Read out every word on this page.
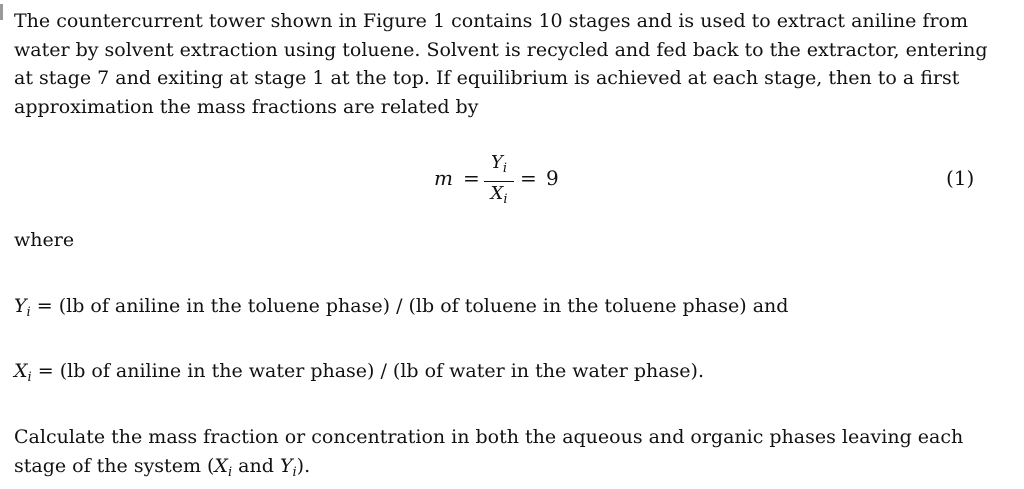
The countercurrent tower shown in Figure 1 contains 10 stages and is used to extract aniline from water by solvent extraction using toluene. Solvent is recycled and fed back to the extractor, entering at stage 7 and exiting at stage 1 at the top. If equilibrium is achieved at each stage, then to a first approximation the mass fractions are related by

m =
$Y_i$
$X_i$
= 9	(1)

where

$Y_i = (lb$ of aniline in the toluene phase) / (lb of toluene in the toluene phase) and

$X_i = (lb$ of aniline in the water phase) / (lb of water in the water phase).

Calculate the mass fraction or concentration in both the aqueous and organic phases leaving each stage of the system ($X_i$ and $Y_i$).
